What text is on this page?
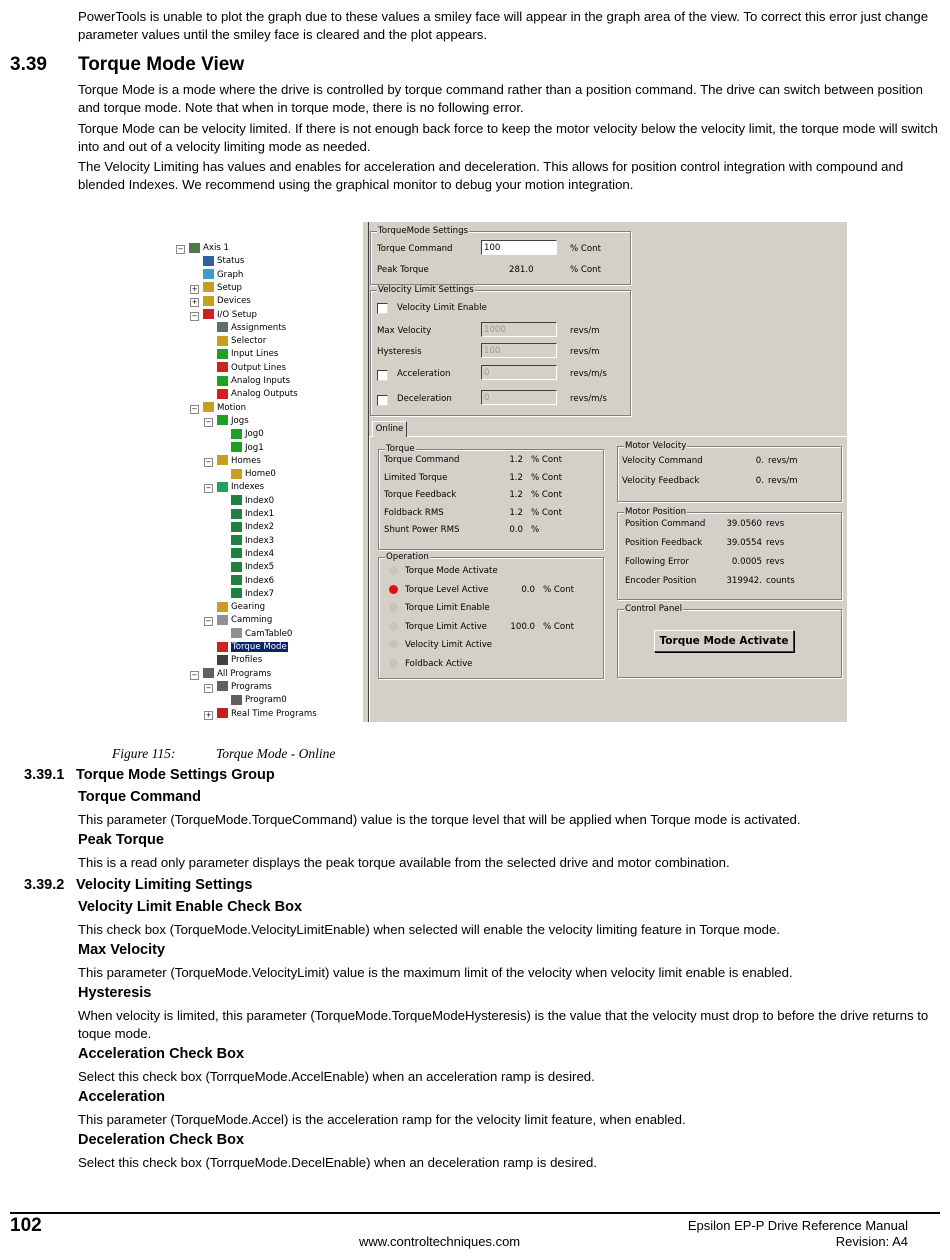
PowerTools is unable to plot the graph due to these values a smiley face will appear in the graph area of the view. To correct this error just change parameter values until the smiley face is cleared and the plot appears.
3.39 Torque Mode View
Torque Mode is a mode where the drive is controlled by torque command rather than a position command. The drive can switch between position and torque mode. Note that when in torque mode, there is no following error.
Torque Mode can be velocity limited. If there is not enough back force to keep the motor velocity below the velocity limit, the torque mode will switch into and out of a velocity limiting mode as needed.
The Velocity Limiting has values and enables for acceleration and deceleration. This allows for position control integration with compound and blended Indexes. We recommend using the graphical monitor to debug your motion integration.
−	Axis 1
Status
Graph
+	Setup
+	Devices
−	I/O Setup
Assignments
Selector
Input Lines
Output Lines
Analog Inputs
Analog Outputs
−	Motion
−	Jogs
Jog0
Jog1
−	Homes
Home0
−	Indexes
Index0
Index1
Index2
Index3
Index4
Index5
Index6
Index7
Gearing
−	Camming
CamTable0
Torque Mode
Profiles
−	All Programs
−	Programs
Program0
+	Real Time Programs
TorqueMode Settings
Torque Command	100	% Cont
Peak Torque	281.0	% Cont
Velocity Limit Settings
Velocity Limit Enable
Max Velocity	1000	revs/m
Hysteresis	100	revs/m
Acceleration	0	revs/m/s
Deceleration	0	revs/m/s
Online
Torque
Torque Command	1.2 % Cont
Limited Torque	1.2 % Cont
Torque Feedback	1.2 % Cont
Foldback RMS	1.2 % Cont
Shunt Power RMS	0.0 %
Operation
Torque Mode Activate
Torque Level Active	0.0 % Cont
Torque Limit Enable
Torque Limit Active	100.0 % Cont
Velocity Limit Active
Foldback Active
Motor Velocity
Velocity Command	0. revs/m
Velocity Feedback	0. revs/m
Motor Position
Position Command 39.0560 revs
Position Feedback	39.0554 revs
Following Error	0.0005 revs
Encoder Position	319942. counts
Control Panel
Torque Mode Activate
Figure 115:	Torque Mode - Online
3.39.1 Torque Mode Settings Group
Torque Command
This parameter (TorqueMode.TorqueCommand) value is the torque level that will be applied when Torque mode is activated.
Peak Torque
This is a read only parameter displays the peak torque available from the selected drive and motor combination.
3.39.2 Velocity Limiting Settings
Velocity Limit Enable Check Box
This check box (TorqueMode.VelocityLimitEnable) when selected will enable the velocity limiting feature in Torque mode.
Max Velocity
This parameter (TorqueMode.VelocityLimit) value is the maximum limit of the velocity when velocity limit enable is enabled.
Hysteresis
When velocity is limited, this parameter (TorqueMode.TorqueModeHysteresis) is the value that the velocity must drop to before the drive returns to toque mode.
Acceleration Check Box
Select this check box (TorrqueMode.AccelEnable) when an acceleration ramp is desired.
Acceleration
This parameter (TorqueMode.Accel) is the acceleration ramp for the velocity limit feature, when enabled.
Deceleration Check Box
Select this check box (TorrqueMode.DecelEnable) when an deceleration ramp is desired.
102	Epsilon EP-P Drive Reference Manual
www.controltechniques.com	Revision: A4
